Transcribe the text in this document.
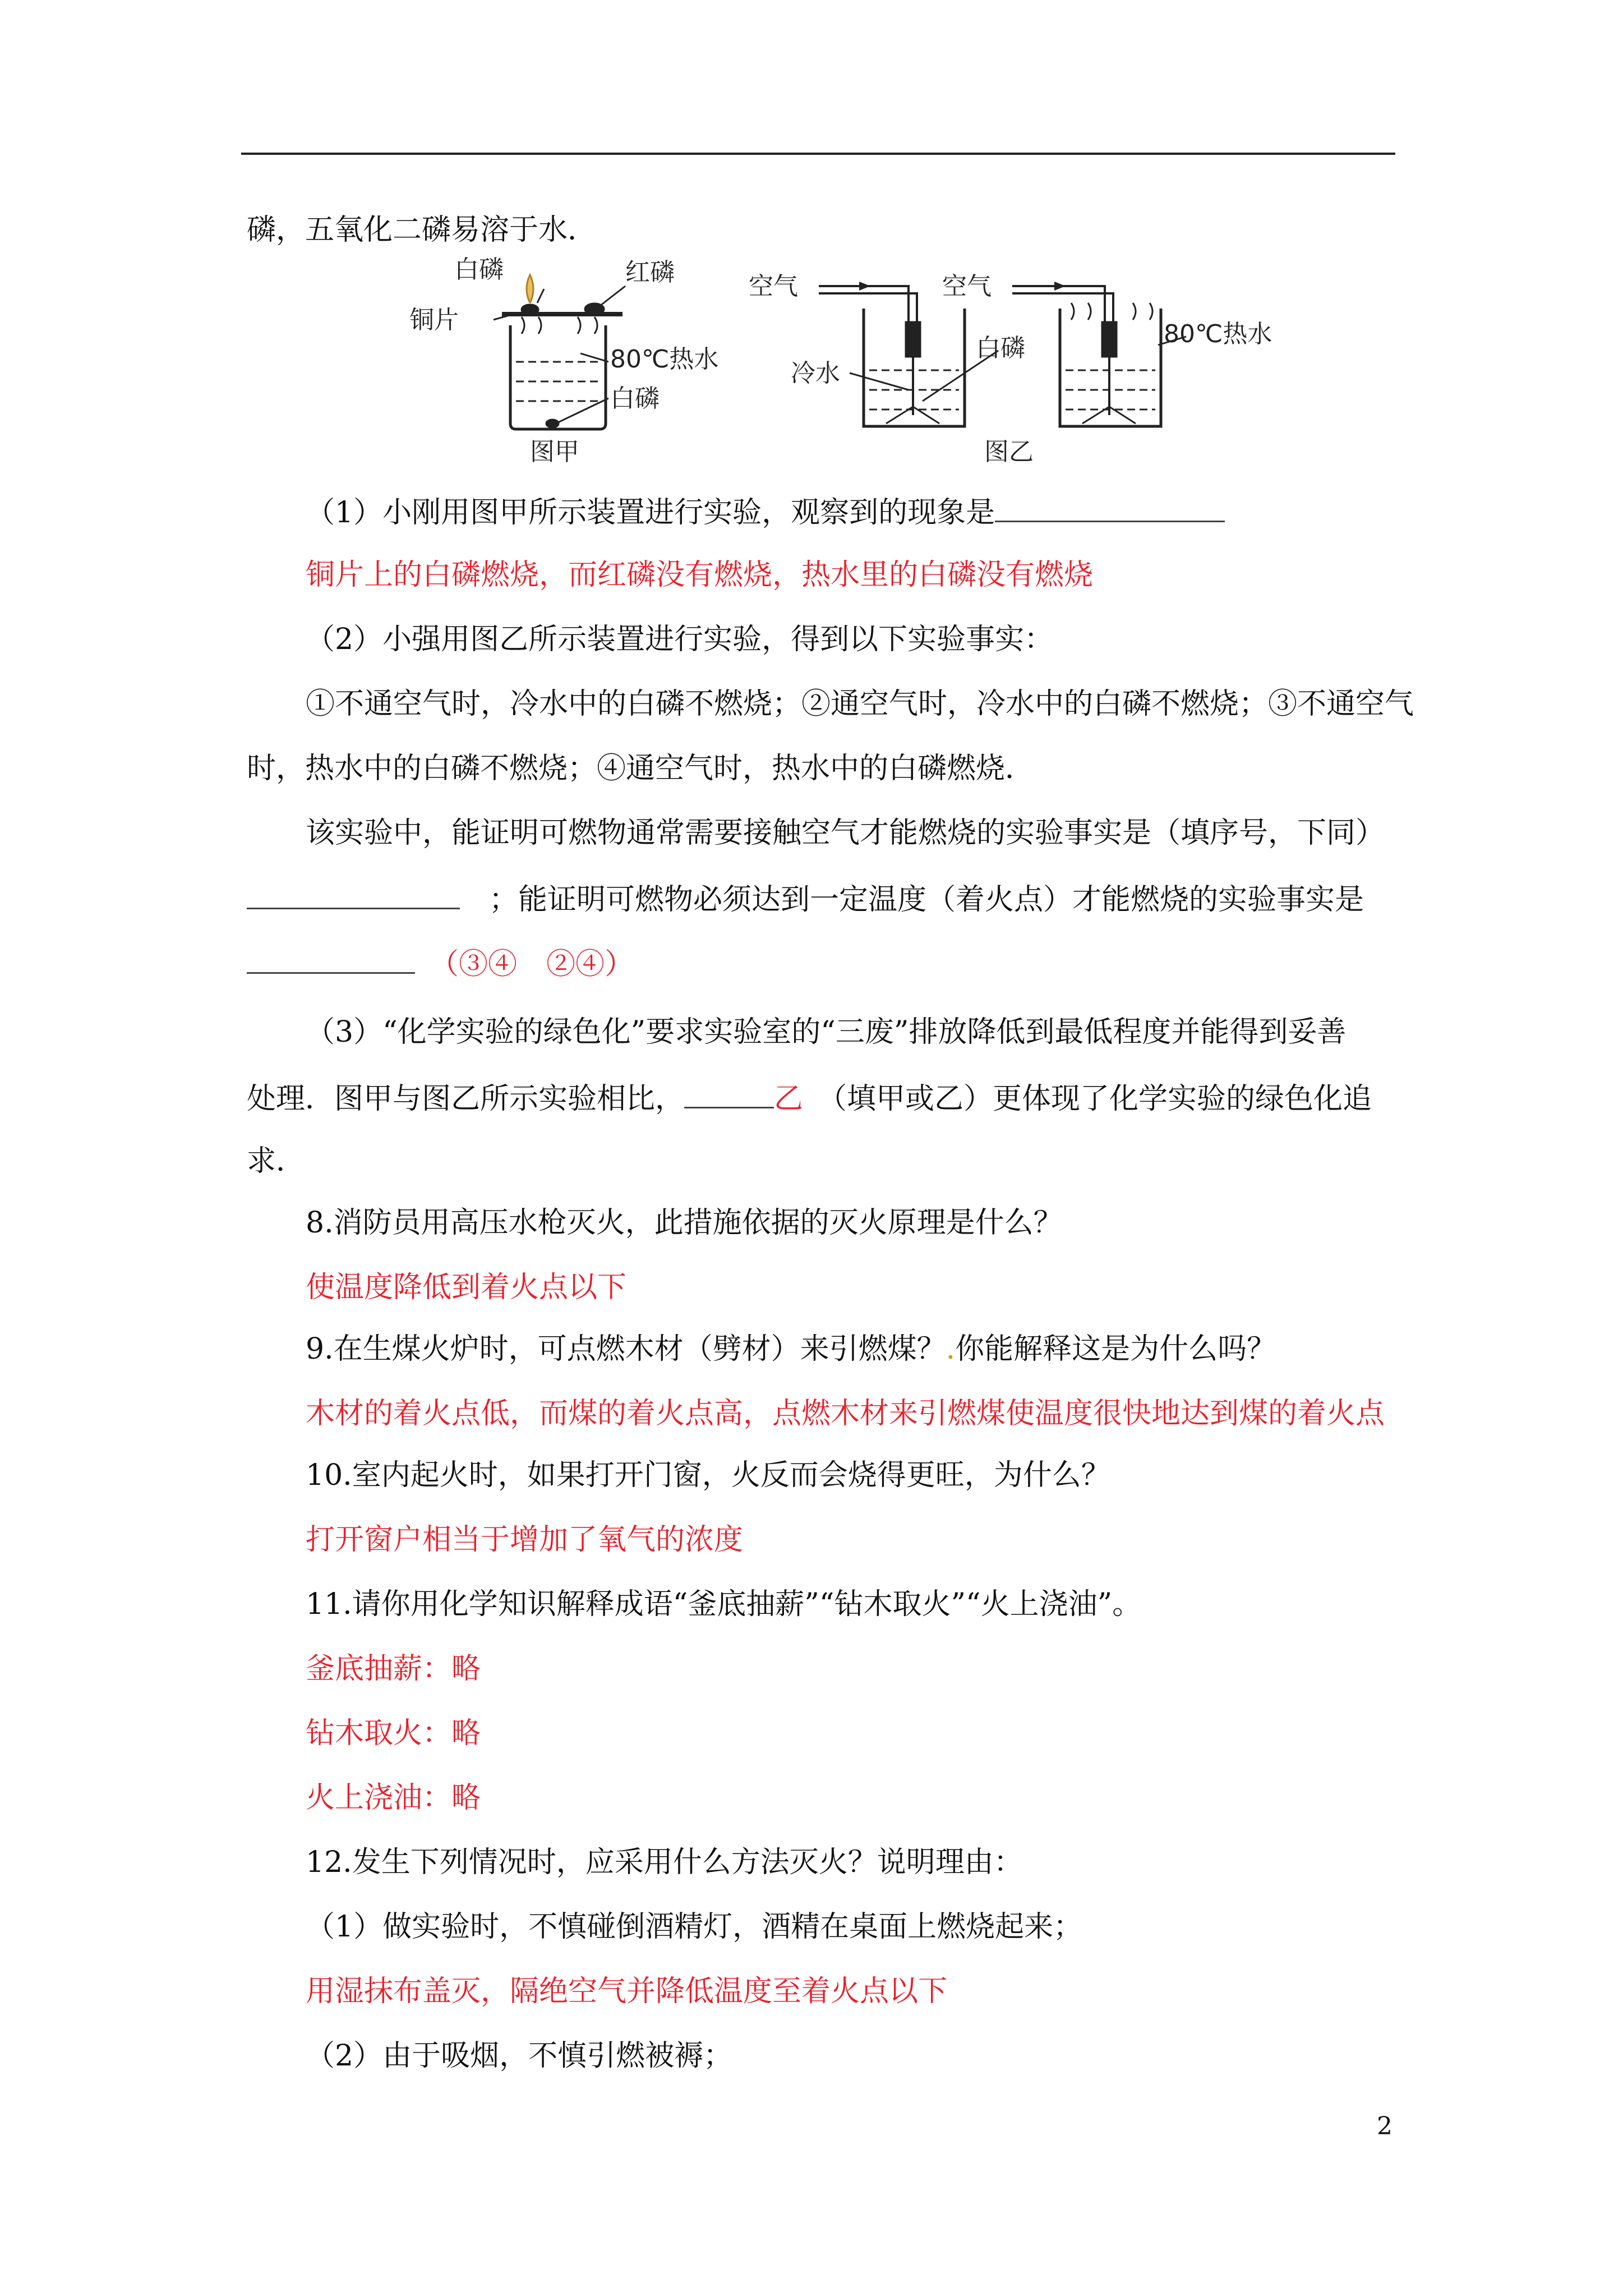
磷，五氧化二磷易溶于水．
白磷	红磷
铜片
80℃热水
白磷
图甲
空气	空气
冷水
白磷	80℃热水
图乙
（1）小刚用图甲所示装置进行实验，观察到的现象是
铜片上的白磷燃烧，而红磷没有燃烧，热水里的白磷没有燃烧
（2）小强用图乙所示装置进行实验，得到以下实验事实：
①不通空气时，冷水中的白磷不燃烧；②通空气时，冷水中的白磷不燃烧；③不通空气
时，热水中的白磷不燃烧；④通空气时，热水中的白磷燃烧．
该实验中，能证明可燃物通常需要接触空气才能燃烧的实验事实是（填序号，下同）
　；能证明可燃物必须达到一定温度（着火点）才能燃烧的实验事实是
　（③④　②④）
（3）“化学实验的绿色化”要求实验室的“三废”排放降低到最低程度并能得到妥善
处理．图甲与图乙所示实验相比，	乙　 （填甲或乙）更体现了化学实验的绿色化追
求．
8.消防员用高压水枪灭火，此措施依据的灭火原理是什么？
使温度降低到着火点以下
9.在生煤火炉时，可点燃木材（劈材）来引燃煤？.你能解释这是为什么吗？
木材的着火点低，而煤的着火点高，点燃木材来引燃煤使温度很快地达到煤的着火点
10.室内起火时，如果打开门窗，火反而会烧得更旺，为什么？
打开窗户相当于增加了氧气的浓度
11.请你用化学知识解释成语“釜底抽薪”“钻木取火”“火上浇油”。
釜底抽薪：略
钻木取火：略
火上浇油：略
12.发生下列情况时，应采用什么方法灭火？说明理由：
（1）做实验时，不慎碰倒酒精灯，酒精在桌面上燃烧起来；
用湿抹布盖灭，隔绝空气并降低温度至着火点以下
（2）由于吸烟，不慎引燃被褥；
2
